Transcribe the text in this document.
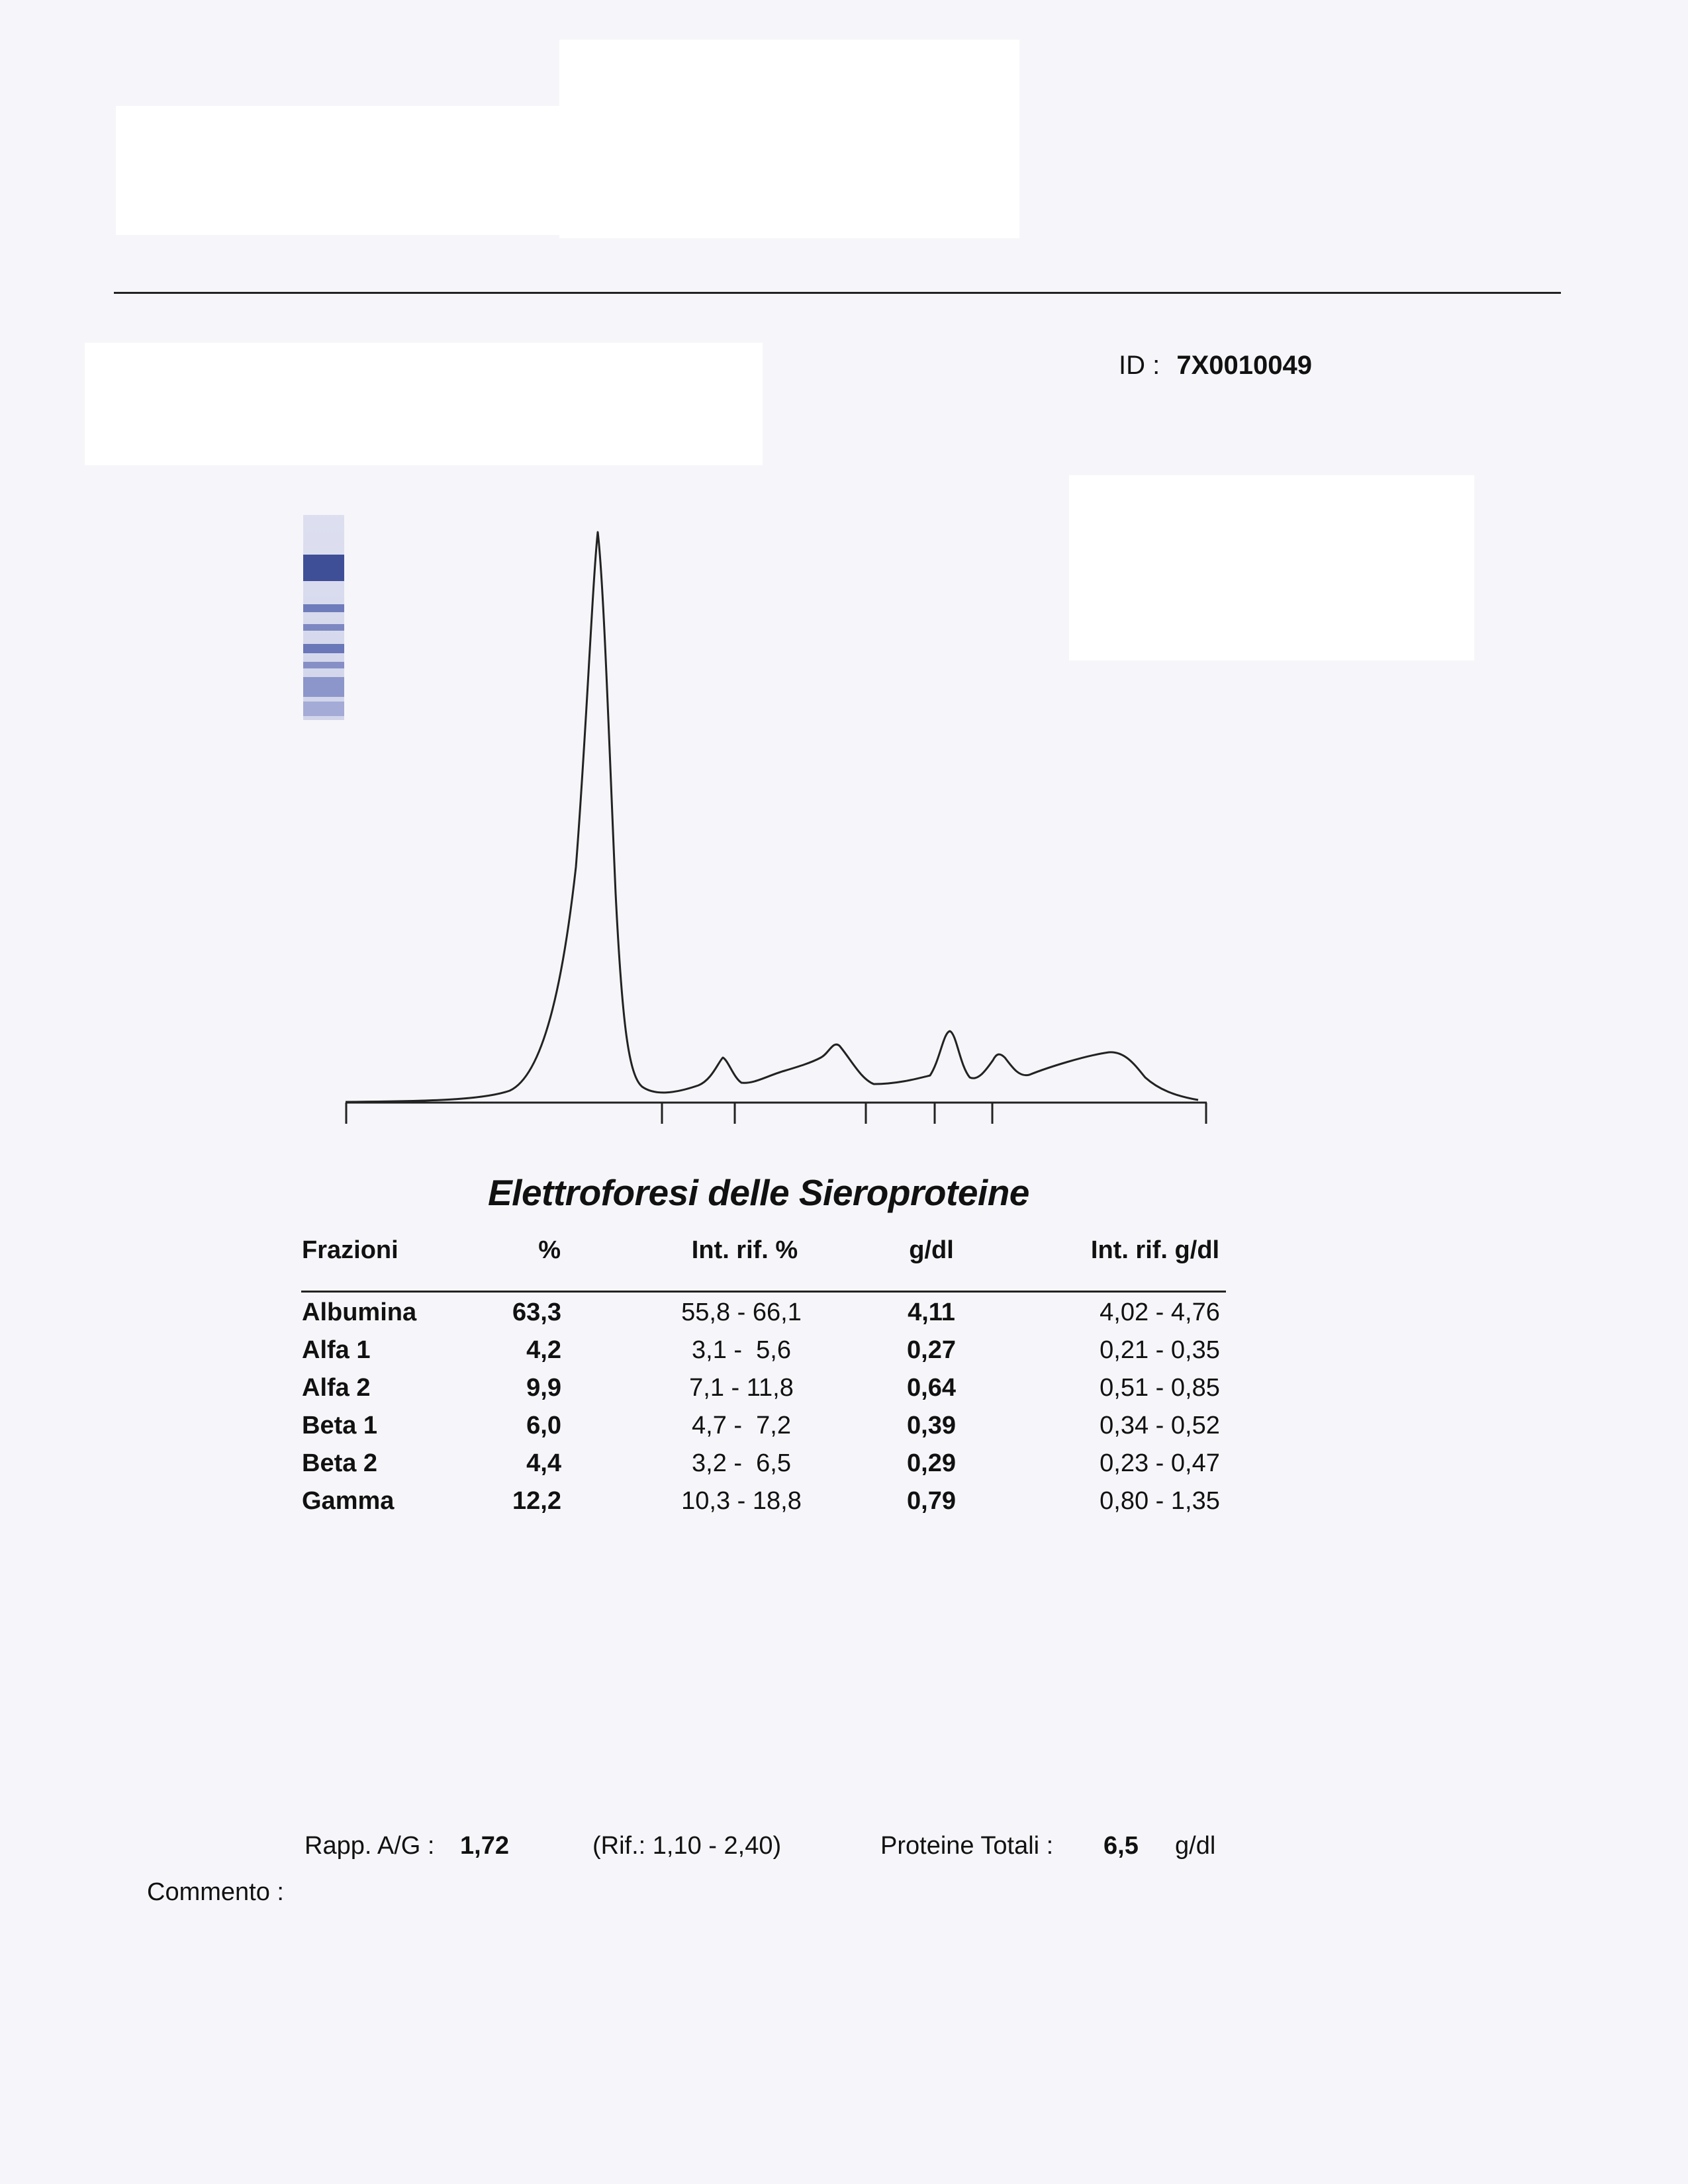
ID : 7X0010049
Elettroforesi delle Sieroproteine
Frazioni	%	Int. rif. %	g/dl	Int. rif. g/dl
Albumina	63,3	55,8 - 66,1	4,11	4,02 - 4,76
Alfa 1	4,2	3,1 -  5,6	0,27	0,21 - 0,35
Alfa 2	9,9	7,1 - 11,8	0,64	0,51 - 0,85
Beta 1	6,0	4,7 -  7,2	0,39	0,34 - 0,52
Beta 2	4,4	3,2 -  6,5	0,29	0,23 - 0,47
Gamma	12,2	10,3 - 18,8	0,79	0,80 - 1,35
Rapp. A/G : 1,72	(Rif.: 1,10 - 2,40)	Proteine Totali : 6,5 g/dl
Commento :
